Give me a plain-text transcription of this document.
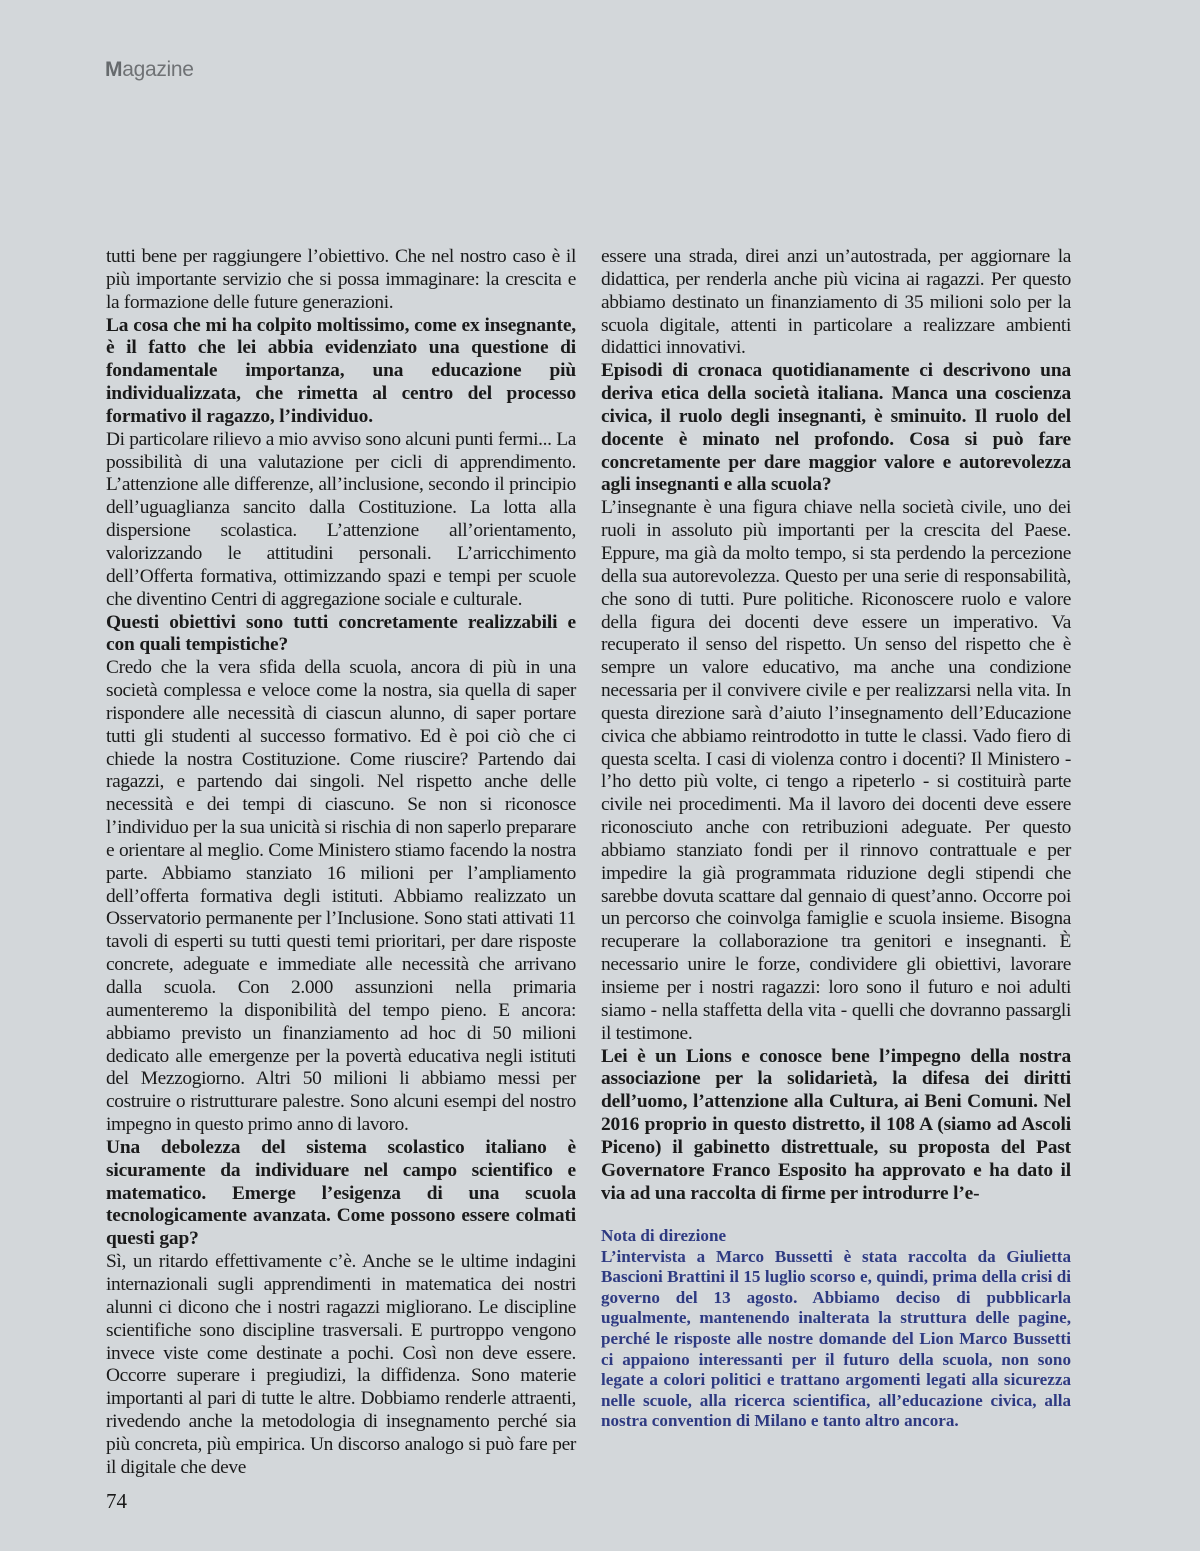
Magazine

tutti bene per raggiungere l’obiettivo. Che nel nostro caso è il più importante servizio che si possa immaginare: la crescita e la formazione delle future generazioni.

La cosa che mi ha colpito moltissimo, come ex insegnante, è il fatto che lei abbia evidenziato una questione di fondamentale importanza, una educazione più individualizzata, che rimetta al centro del processo formativo il ragazzo, l’individuo.

Di particolare rilievo a mio avviso sono alcuni punti fermi... La possibilità di una valutazione per cicli di apprendimento. L’attenzione alle differenze, all’inclusione, secondo il principio dell’uguaglianza sancito dalla Costituzione. La lotta alla dispersione scolastica. L’attenzione all’orientamento, valorizzando le attitudini personali. L’arricchimento dell’Offerta formativa, ottimizzando spazi e tempi per scuole che diventino Centri di aggregazione sociale e culturale.

Questi obiettivi sono tutti concretamente realizzabili e con quali tempistiche?

Credo che la vera sfida della scuola, ancora di più in una società complessa e veloce come la nostra, sia quella di saper rispondere alle necessità di ciascun alunno, di saper portare tutti gli studenti al successo formativo. Ed è poi ciò che ci chiede la nostra Costituzione. Come riuscire? Partendo dai ragazzi, e partendo dai singoli. Nel rispetto anche delle necessità e dei tempi di ciascuno. Se non si riconosce l’individuo per la sua unicità si rischia di non saperlo preparare e orientare al meglio. Come Ministero stiamo facendo la nostra parte. Abbiamo stanziato 16 milioni per l’ampliamento dell’offerta formativa degli istituti. Abbiamo realizzato un Osservatorio permanente per l’Inclusione. Sono stati attivati 11 tavoli di esperti su tutti questi temi prioritari, per dare risposte concrete, adeguate e immediate alle necessità che arrivano dalla scuola. Con 2.000 assunzioni nella primaria aumenteremo la disponibilità del tempo pieno. E ancora: abbiamo previsto un finanziamento ad hoc di 50 milioni dedicato alle emergenze per la povertà educativa negli istituti del Mezzogiorno. Altri 50 milioni li abbiamo messi per costruire o ristrutturare palestre. Sono alcuni esempi del nostro impegno in questo primo anno di lavoro.

Una debolezza del sistema scolastico italiano è sicuramente da individuare nel campo scientifico e matematico. Emerge l’esigenza di una scuola tecnologicamente avanzata. Come possono essere colmati questi gap?

Sì, un ritardo effettivamente c’è. Anche se le ultime indagini internazionali sugli apprendimenti in matematica dei nostri alunni ci dicono che i nostri ragazzi migliorano. Le discipline scientifiche sono discipline trasversali. E purtroppo vengono invece viste come destinate a pochi. Così non deve essere. Occorre superare i pregiudizi, la diffidenza. Sono materie importanti al pari di tutte le altre. Dobbiamo renderle attraenti, rivedendo anche la metodologia di insegnamento perché sia più concreta, più empirica. Un discorso analogo si può fare per il digitale che deve

essere una strada, direi anzi un’autostrada, per aggiornare la didattica, per renderla anche più vicina ai ragazzi. Per questo abbiamo destinato un finanziamento di 35 milioni solo per la scuola digitale, attenti in particolare a realizzare ambienti didattici innovativi.

Episodi di cronaca quotidianamente ci descrivono una deriva etica della società italiana. Manca una coscienza civica, il ruolo degli insegnanti, è sminuito. Il ruolo del docente è minato nel profondo. Cosa si può fare concretamente per dare maggior valore e autorevolezza agli insegnanti e alla scuola?

L’insegnante è una figura chiave nella società civile, uno dei ruoli in assoluto più importanti per la crescita del Paese. Eppure, ma già da molto tempo, si sta perdendo la percezione della sua autorevolezza. Questo per una serie di responsabilità, che sono di tutti. Pure politiche. Riconoscere ruolo e valore della figura dei docenti deve essere un imperativo. Va recuperato il senso del rispetto. Un senso del rispetto che è sempre un valore educativo, ma anche una condizione necessaria per il convivere civile e per realizzarsi nella vita. In questa direzione sarà d’aiuto l’insegnamento dell’Educazione civica che abbiamo reintrodotto in tutte le classi. Vado fiero di questa scelta. I casi di violenza contro i docenti? Il Ministero - l’ho detto più volte, ci tengo a ripeterlo - si costituirà parte civile nei procedimenti. Ma il lavoro dei docenti deve essere riconosciuto anche con retribuzioni adeguate. Per questo abbiamo stanziato fondi per il rinnovo contrattuale e per impedire la già programmata riduzione degli stipendi che sarebbe dovuta scattare dal gennaio di quest’anno. Occorre poi un percorso che coinvolga famiglie e scuola insieme. Bisogna recuperare la collaborazione tra genitori e insegnanti. È necessario unire le forze, condividere gli obiettivi, lavorare insieme per i nostri ragazzi: loro sono il futuro e noi adulti siamo - nella staffetta della vita - quelli che dovranno passargli il testimone.

Lei è un Lions e conosce bene l’impegno della nostra associazione per la solidarietà, la difesa dei diritti dell’uomo, l’attenzione alla Cultura, ai Beni Comuni. Nel 2016 proprio in questo distretto, il 108 A (siamo ad Ascoli Piceno) il gabinetto distrettuale, su proposta del Past Governatore Franco Esposito ha approvato e ha dato il via ad una raccolta di firme per introdurre l’e-

Nota di direzione

L’intervista a Marco Bussetti è stata raccolta da Giulietta Bascioni Brattini il 15 luglio scorso e, quindi, prima della crisi di governo del 13 agosto. Abbiamo deciso di pubblicarla ugualmente, mantenendo inalterata la struttura delle pagine, perché le risposte alle nostre domande del Lion Marco Bussetti ci appaiono interessanti per il futuro della scuola, non sono legate a colori politici e trattano argomenti legati alla sicurezza nelle scuole, alla ricerca scientifica, all’educazione civica, alla nostra convention di Milano e tanto altro ancora.

74
